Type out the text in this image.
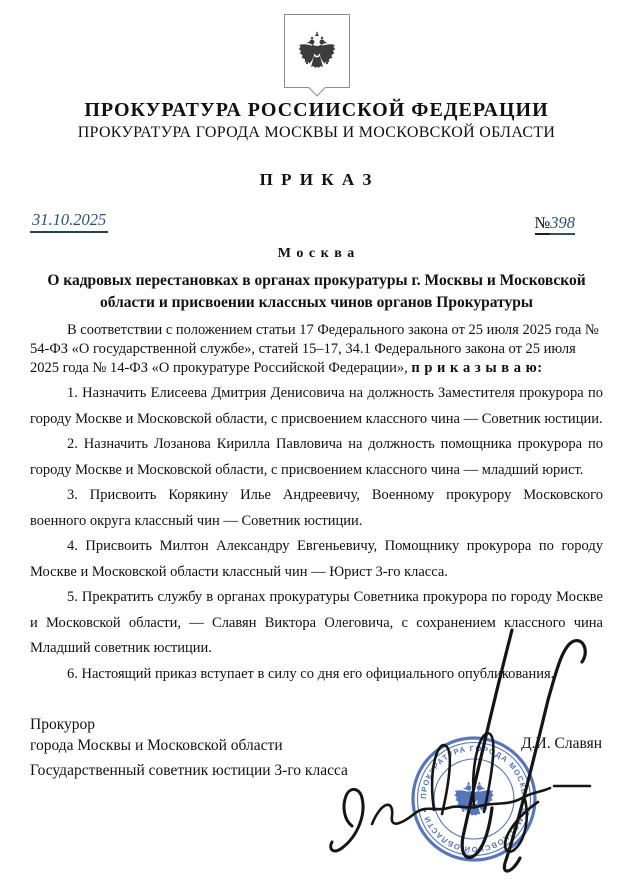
ПРОКУРАТУРА РОССИИСКОЙ ФЕДЕРАЦИИ
ПРОКУРАТУРА ГОРОДА МОСКВЫ И МОСКОВСКОЙ ОБЛАСТИ
П Р И К А З
31.10.2025	№398
М о с к в а
О кадровых перестановках в органах прокуратуры г. Москвы и Московской
области и присвоении классных чинов органов Прокуратуры

В соответствии с положением статьи 17 Федерального закона от 25 июля 2025 года № 54-ФЗ «О государственной службе», статей 15–17, 34.1 Федерального закона от 25 июля 2025 года № 14-ФЗ «О прокуратуре Российской Федерации», п р и к а з ы в а ю:

1. Назначить Елисеева Дмитрия Денисовича на должность Заместителя прокурора по городу Москве и Московской области, с присвоением классного чина — Советник юстиции.

2. Назначить Лозанова Кирилла Павловича на должность помощника прокурора по городу Москве и Московской области, с присвоением классного чина — младший юрист.

3. Присвоить Корякину Илье Андреевичу, Военному прокурору Московского военного округа классный чин — Советник юстиции.

4. Присвоить Милтон Александру Евгеньевичу, Помощнику прокурора по городу Москве и Московской области классный чин — Юрист 3-го класса.

5. Прекратить службу в органах прокуратуры Советника прокурора по городу Москве и Московской области, — Славян Виктора Олеговича, с сохранением классного чина Младший советник юстиции.

6. Настоящий приказ вступает в силу со дня его официального опубликования.

Прокурор
города Москвы и Московской области
Государственный советник юстиции 3-го класса
Д.И. Славян
ПРОКУРАТУРА ГОРОДА МОСКВЫ И МОСКОВСКОЙ ОБЛАСТИ •
